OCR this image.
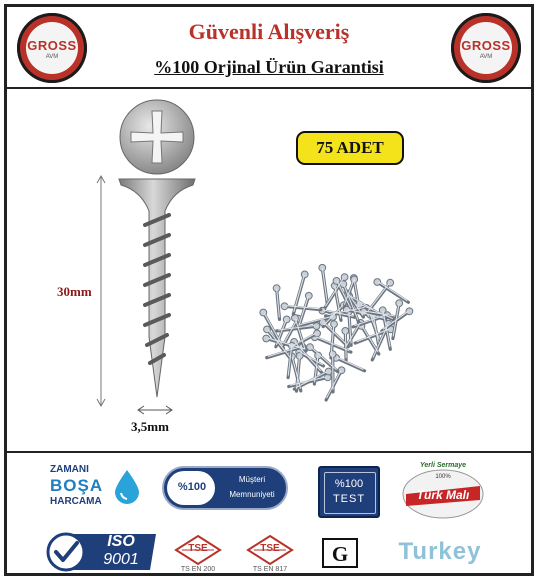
GROSS
AVM
Güvenli Alışveriş
%100 Orjinal Ürün Garantisi
GROSS
AVM
30mm
3,5mm
75 ADET
ZAMANI
BOŞA
HARCAMA
%100
Müşteri
Memnuniyeti
%100
TEST
Yerli Sermaye
100%
Türk Malı
ISO
9001
TSE
TS EN 200
TSE
TS EN 817
G	Turkey
